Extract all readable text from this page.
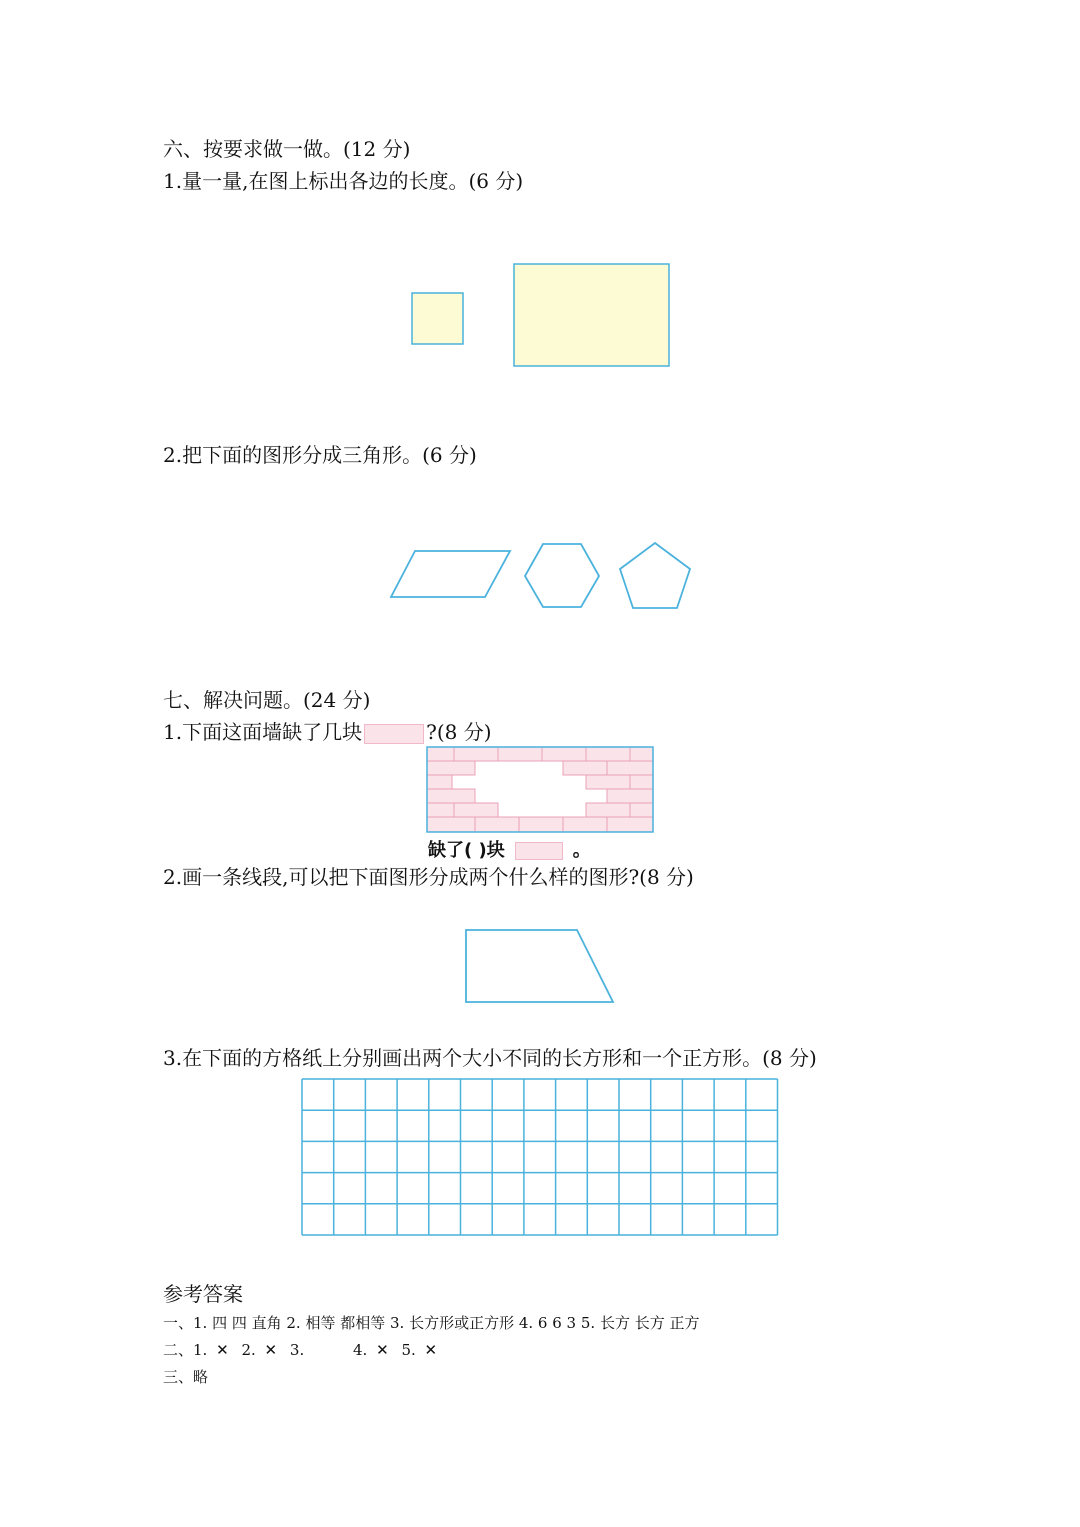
六、按要求做一做。(12 分)
1.量一量,在图上标出各边的长度。(6 分)
2.把下面的图形分成三角形。(6 分)
七、解决问题。(24 分)
1.下面这面墙缺了几块	?(8 分)
缺了( )块	。
2.画一条线段,可以把下面图形分成两个什么样的图形?(8 分)
3.在下面的方格纸上分别画出两个大小不同的长方形和一个正方形。(8 分)
参考答案
一、1. 四 四 直角 2. 相等 都相等 3. 长方形或正方形 4. 6 6 3 5. 长方 长方 正方
二、1. ✕ 2. ✕ 3.	4. ✕ 5. ✕
三、略
